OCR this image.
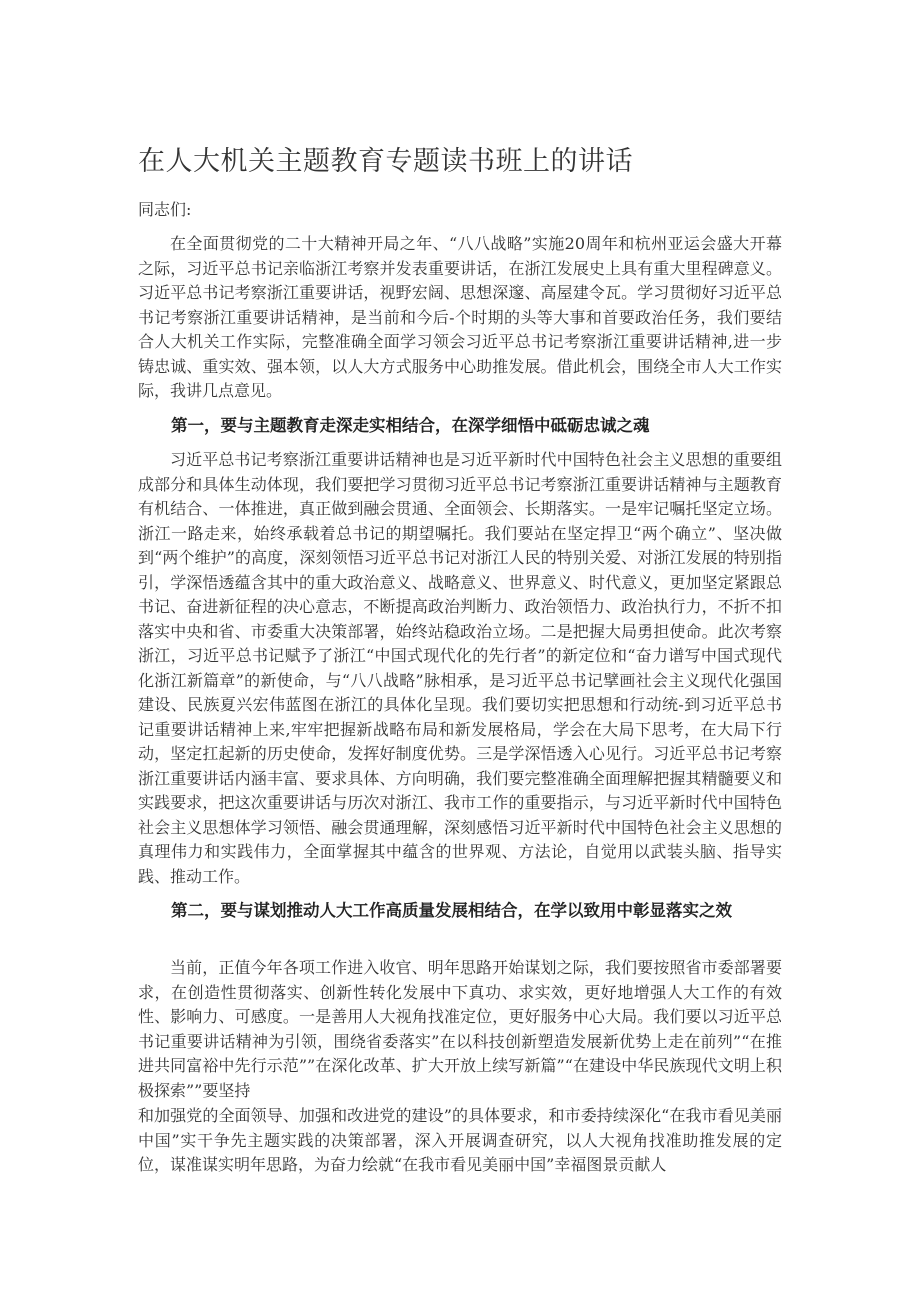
在人大机关主题教育专题读书班上的讲话
同志们:

在全面贯彻党的二十大精神开局之年、“八八战略”实施20周年和杭州亚运会盛大开幕之际，习近平总书记亲临浙江考察并发表重要讲话，在浙江发展史上具有重大里程碑意义。习近平总书记考察浙江重要讲话，视野宏阔、思想深邃、高屋建令瓦。学习贯彻好习近平总书记考察浙江重要讲话精神，是当前和今后-个时期的头等大事和首要政治任务，我们要结合人大机关工作实际，完整准确全面学习领会习近平总书记考察浙江重要讲话精神,进一步铸忠诚、重实效、强本领，以人大方式服务中心助推发展。借此机会，围绕全市人大工作实际，我讲几点意见。

第一，要与主题教育走深走实相结合，在深学细悟中砥砺忠诚之魂

习近平总书记考察浙江重要讲话精神也是习近平新时代中国特色社会主义思想的重要组成部分和具体生动体现，我们要把学习贯彻习近平总书记考察浙江重要讲话精神与主题教育有机结合、一体推进，真正做到融会贯通、全面领会、长期落实。一是牢记嘱托坚定立场。浙江一路走来，始终承载着总书记的期望嘱托。我们要站在坚定捍卫“两个确立”、坚决做到“两个维护”的高度，深刻领悟习近平总书记对浙江人民的特别关爱、对浙江发展的特别指引，学深悟透蕴含其中的重大政治意义、战略意义、世界意义、时代意义，更加坚定紧跟总书记、奋进新征程的决心意志，不断提高政治判断力、政治领悟力、政治执行力，不折不扣落实中央和省、市委重大决策部署，始终站稳政治立场。二是把握大局勇担使命。此次考察浙江，习近平总书记赋予了浙江“中国式现代化的先行者”的新定位和“奋力谱写中国式现代化浙江新篇章”的新使命，与“八八战略”脉相承，是习近平总书记擘画社会主义现代化强国建设、民族夏兴宏伟蓝图在浙江的具体化呈现。我们要切实把思想和行动统-到习近平总书记重要讲话精神上来,牢牢把握新战略布局和新发展格局，学会在大局下思考，在大局下行动，坚定扛起新的历史使命，发挥好制度优势。三是学深悟透入心见行。习近平总书记考察浙江重要讲话内涵丰富、要求具体、方向明确，我们要完整准确全面理解把握其精髓要义和实践要求，把这次重要讲话与历次对浙江、我市工作的重要指示，与习近平新时代中国特色社会主义思想体学习领悟、融会贯通理解，深刻感悟习近平新时代中国特色社会主义思想的真理伟力和实践伟力，全面掌握其中蕴含的世界观、方法论，自觉用以武装头脑、指导实践、推动工作。

第二，要与谋划推动人大工作高质量发展相结合，在学以致用中彰显落实之效

当前，正值今年各项工作进入收官、明年思路开始谋划之际，我们要按照省市委部署要求，在创造性贯彻落实、创新性转化发展中下真功、求实效，更好地增强人大工作的有效性、影响力、可感度。一是善用人大视角找准定位，更好服务中心大局。我们要以习近平总书记重要讲话精神为引领，围绕省委落实”在以科技创新塑造发展新优势上走在前列”“在推进共同富裕中先行示范””在深化改革、扩大开放上续写新篇”“在建设中华民族现代文明上积极探索””要坚持

和加强党的全面领导、加强和改进党的建设”的具体要求，和市委持续深化“在我市看见美丽中国”实干争先主题实践的决策部署，深入开展调查研究，以人大视角找准助推发展的定位，谋准谋实明年思路，为奋力绘就“在我市看见美丽中国”幸福图景贡献人
